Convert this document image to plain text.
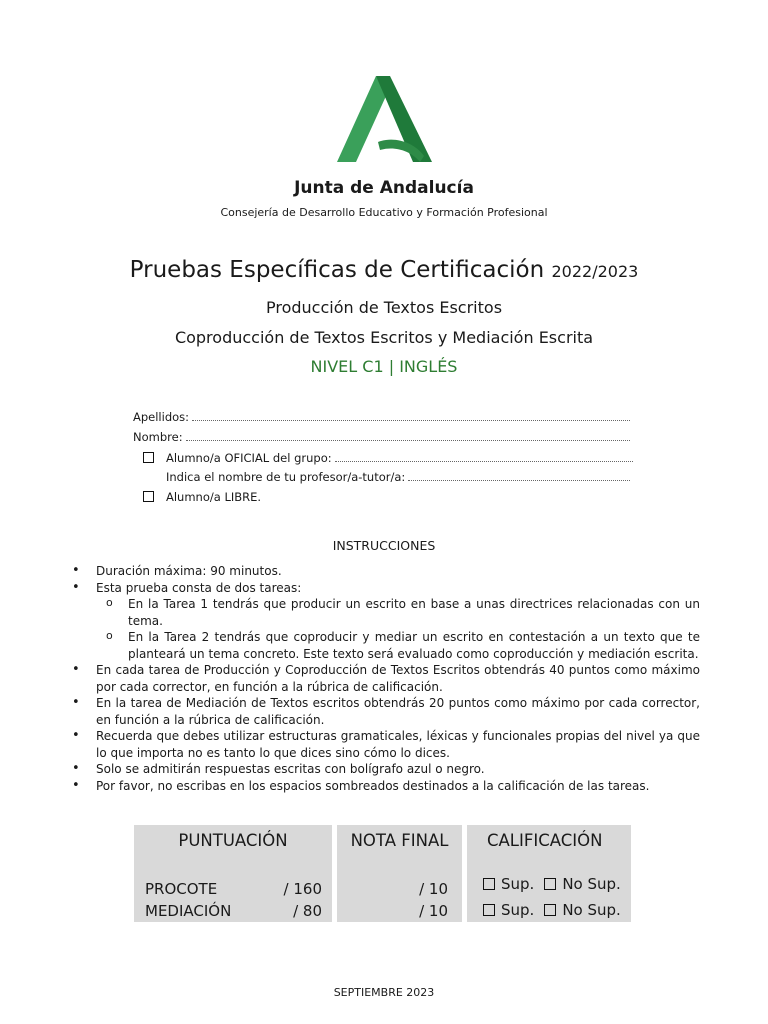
Junta de Andalucía
Consejería de Desarrollo Educativo y Formación Profesional
Pruebas Específicas de Certificación 2022/2023
Producción de Textos Escritos
Coproducción de Textos Escritos y Mediación Escrita
NIVEL C1 | INGLÉS
Apellidos:
Nombre:
Alumno/a OFICIAL del grupo:
Indica el nombre de tu profesor/a-tutor/a:
Alumno/a LIBRE.
INSTRUCCIONES
• Duración máxima: 90 minutos.
• Esta prueba consta de dos tareas:
o En la Tarea 1 tendrás que producir un escrito en base a unas directrices relacionadas con un tema.
o En la Tarea 2 tendrás que coproducir y mediar un escrito en contestación a un texto que te planteará un tema concreto. Este texto será evaluado como coproducción y mediación escrita.
• En cada tarea de Producción y Coproducción de Textos Escritos obtendrás 40 puntos como máximo por cada corrector, en función a la rúbrica de calificación.
• En la tarea de Mediación de Textos escritos obtendrás 20 puntos como máximo por cada corrector, en función a la rúbrica de calificación.
• Recuerda que debes utilizar estructuras gramaticales, léxicas y funcionales propias del nivel ya que lo que importa no es tanto lo que dices sino cómo lo dices.
• Solo se admitirán respuestas escritas con bolígrafo azul o negro.
• Por favor, no escribas en los espacios sombreados destinados a la calificación de las tareas.
PUNTUACIÓN
PROCOTE	/ 160
MEDIACIÓN	/ 80
NOTA FINAL
/ 10
/ 10
CALIFICACIÓN
Sup. No Sup.
Sup. No Sup.
SEPTIEMBRE 2023
